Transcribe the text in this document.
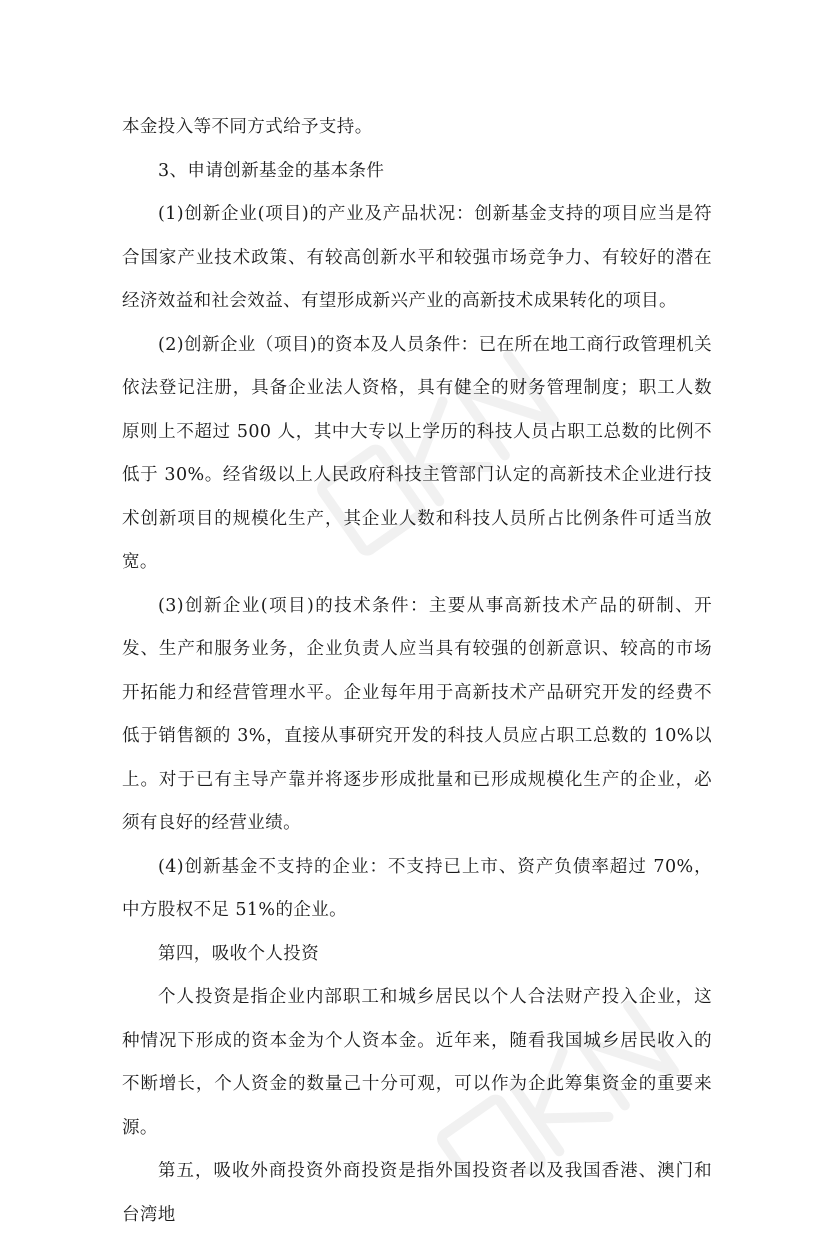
本金投入等不同方式给予支持。

3、申请创新基金的基本条件

(1)创新企业(项目)的产业及产品状况：创新基金支持的项目应当是符合国家产业技术政策、有较高创新水平和较强市场竞争力、有较好的潜在经济效益和社会效益、有望形成新兴产业的高新技术成果转化的项目。

(2)创新企业（项目)的资本及人员条件：已在所在地工商行政管理机关依法登记注册，具备企业法人资格，具有健全的财务管理制度；职工人数原则上不超过 500 人，其中大专以上学历的科技人员占职工总数的比例不低于 30%。经省级以上人民政府科技主管部门认定的高新技术企业进行技术创新项目的规模化生产，其企业人数和科技人员所占比例条件可适当放宽。

(3)创新企业(项目)的技术条件：主要从事高新技术产品的研制、开发、生产和服务业务，企业负责人应当具有较强的创新意识、较高的市场开拓能力和经营管理水平。企业每年用于高新技术产品研究开发的经费不低于销售额的 3%，直接从事研究开发的科技人员应占职工总数的 10%以上。对于已有主导产靠并将逐步形成批量和已形成规模化生产的企业，必须有良好的经营业绩。

(4)创新基金不支持的企业：不支持已上市、资产负债率超过 70%，中方股权不足 51%的企业。

第四，吸收个人投资

个人投资是指企业内部职工和城乡居民以个人合法财产投入企业，这种情况下形成的资本金为个人资本金。近年来，随看我国城乡居民收入的不断增长，个人资金的数量己十分可观，可以作为企此筹集资金的重要来源。

第五，吸收外商投资外商投资是指外国投资者以及我国香港、澳门和台湾地
